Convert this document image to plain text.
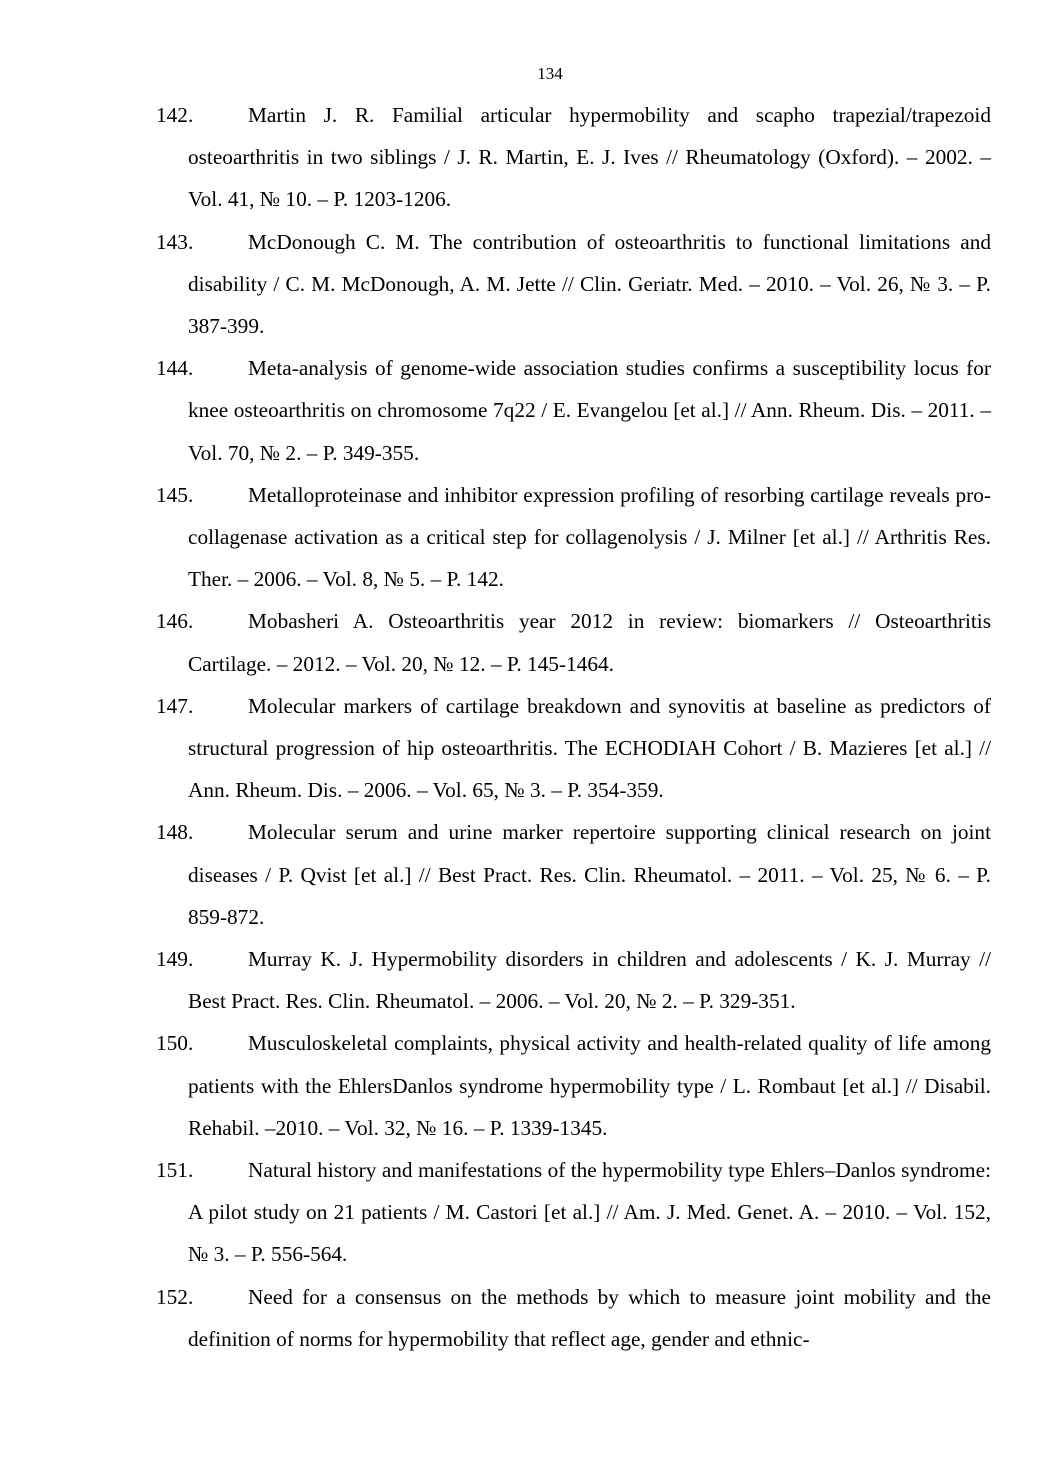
134
142.	Martin J. R. Familial articular hypermobility and scapho trapezial/trapezoid osteoarthritis in two siblings / J. R. Martin, E. J. Ives // Rheumatology (Oxford). – 2002. – Vol. 41, № 10. – P. 1203-1206.
143.	McDonough C. M. The contribution of osteoarthritis to functional limitations and disability / C. M. McDonough, A. M. Jette // Clin. Geriatr. Med. – 2010. – Vol. 26, № 3. – P. 387-399.
144.	Meta-analysis of genome-wide association studies confirms a susceptibility locus for knee osteoarthritis on chromosome 7q22 / E. Evangelou [et al.] // Ann. Rheum. Dis. – 2011. – Vol. 70, № 2. – P. 349-355.
145.	Metalloproteinase and inhibitor expression profiling of resorbing cartilage reveals pro-collagenase activation as a critical step for collagenolysis / J. Milner [et al.] // Arthritis Res. Ther. – 2006. – Vol. 8, № 5. – P. 142.
146.	Mobasheri A. Osteoarthritis year 2012 in review: biomarkers // Osteoarthritis Cartilage. – 2012. – Vol. 20, № 12. – P. 145-1464.
147.	Molecular markers of cartilage breakdown and synovitis at baseline as predictors of structural progression of hip osteoarthritis. The ECHODIAH Cohort / B. Mazieres [et al.] // Ann. Rheum. Dis. – 2006. – Vol. 65, № 3. – P. 354-359.
148.	Molecular serum and urine marker repertoire supporting clinical research on joint diseases / P. Qvist [et al.] // Best Pract. Res. Clin. Rheumatol. – 2011. – Vol. 25, № 6. – P. 859-872.
149.	Murray K. J. Hypermobility disorders in children and adolescents / K. J. Murray // Best Pract. Res. Clin. Rheumatol. – 2006. – Vol. 20, № 2. – P. 329-351.
150.	Musculoskeletal complaints, physical activity and health-related quality of life among patients with the EhlersDanlos syndrome hypermobility type / L. Rombaut [et al.] // Disabil. Rehabil. –2010. – Vol. 32, № 16. – P. 1339-1345.
151.	Natural history and manifestations of the hypermobility type Ehlers–Danlos syndrome: A pilot study on 21 patients / M. Castori [et al.] // Am. J. Med. Genet. A. – 2010. – Vol. 152, № 3. – P. 556-564.
152.	Need for a consensus on the methods by which to measure joint mobility and the definition of norms for hypermobility that reflect age, gender and ethnic-
